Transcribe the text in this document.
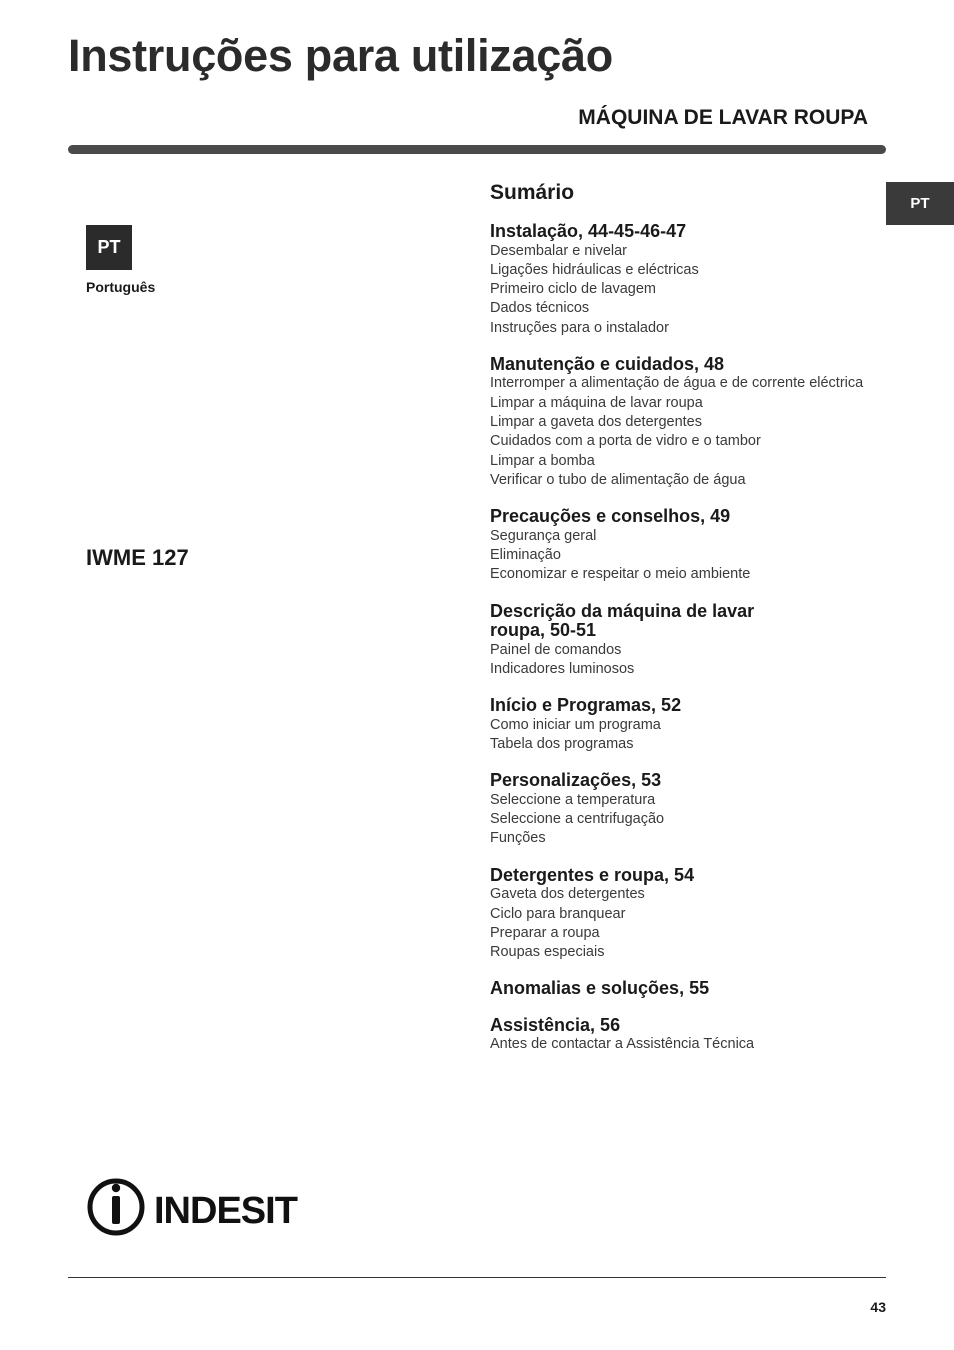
Instruções para utilização
MÁQUINA DE LAVAR ROUPA
PT
PT
Português
IWME 127
Sumário
Instalação, 44-45-46-47
Desembalar e nivelar
Ligações hidráulicas e eléctricas
Primeiro ciclo de lavagem
Dados técnicos
Instruções para o instalador
Manutenção e cuidados, 48
Interromper a alimentação de água e de corrente eléctrica
Limpar a máquina de lavar roupa
Limpar a gaveta dos detergentes
Cuidados com a porta de vidro e o tambor
Limpar a bomba
Verificar o tubo de alimentação de água
Precauções e conselhos, 49
Segurança geral
Eliminação
Economizar e respeitar o meio ambiente
Descrição da máquina de lavar roupa, 50-51
Painel de comandos
Indicadores luminosos
Início e Programas, 52
Como iniciar um programa
Tabela dos programas
Personalizações, 53
Seleccione a temperatura
Seleccione a centrifugação
Funções
Detergentes e roupa, 54
Gaveta dos detergentes
Ciclo para branquear
Preparar a roupa
Roupas especiais
Anomalias e soluções, 55
Assistência, 56
Antes de contactar a Assistência Técnica
INDESIT
43
